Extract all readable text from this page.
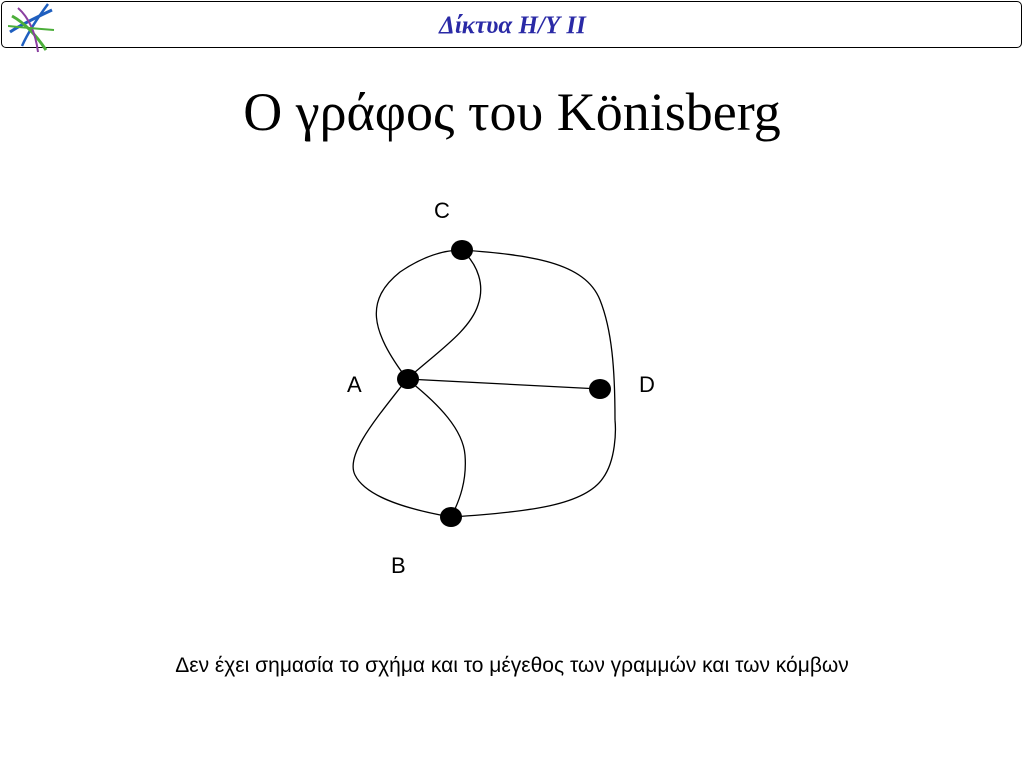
Δίκτυα Η/Υ ΙΙ
Ο γράφος του Könisberg
C
A	D
B
Δεν έχει σημασία το σχήμα και το μέγεθος των γραμμών και των κόμβων
